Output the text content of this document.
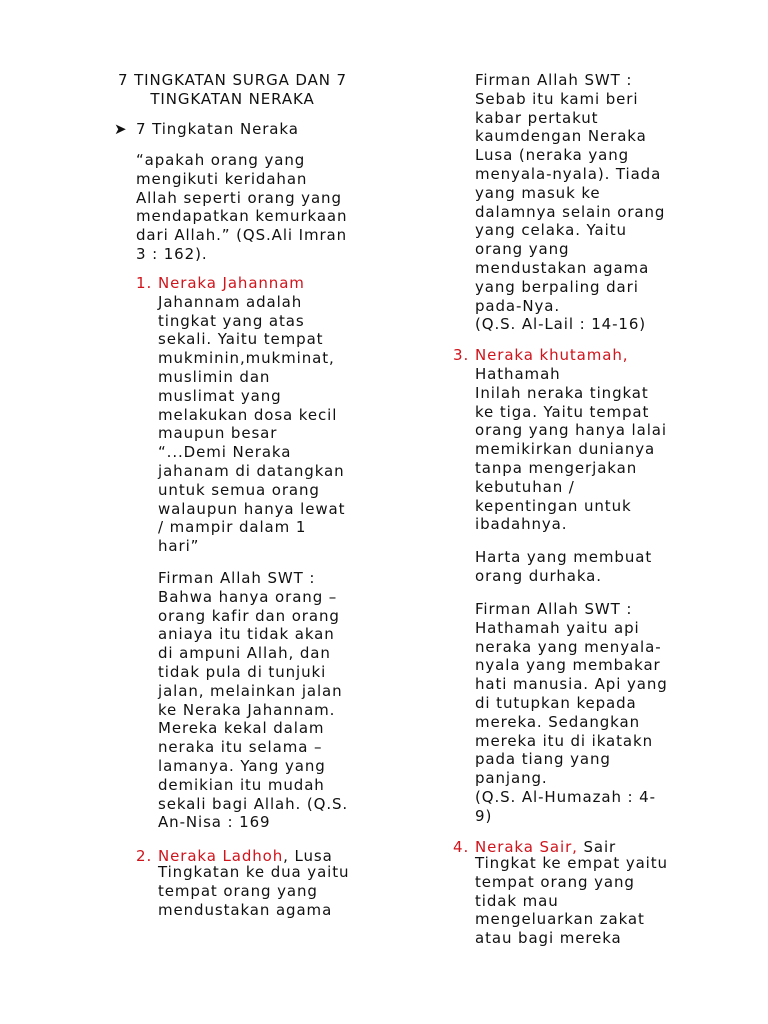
7 TINGKATAN SURGA DAN 7
TINGKATAN NERAKA
➤ 7 Tingkatan Neraka
“apakah orang yang
mengikuti keridahan
Allah seperti orang yang
mendapatkan kemurkaan
dari Allah.” (QS.Ali Imran
3 : 162).
1. Neraka Jahannam
Jahannam adalah
tingkat yang atas
sekali. Yaitu tempat
mukminin,mukminat,
muslimin dan
muslimat yang
melakukan dosa kecil
maupun besar
“...Demi Neraka
jahanam di datangkan
untuk semua orang
walaupun hanya lewat
/ mampir dalam 1
hari”
Firman Allah SWT :
Bahwa hanya orang –
orang kafir dan orang
aniaya itu tidak akan
di ampuni Allah, dan
tidak pula di tunjuki
jalan, melainkan jalan
ke Neraka Jahannam.
Mereka kekal dalam
neraka itu selama –
lamanya. Yang yang
demikian itu mudah
sekali bagi Allah. (Q.S.
An-Nisa : 169
2. Neraka Ladhoh, Lusa
Tingkatan ke dua yaitu
tempat orang yang
mendustakan agama
Firman Allah SWT :
Sebab itu kami beri
kabar pertakut
kaumdengan Neraka
Lusa (neraka yang
menyala-nyala). Tiada
yang masuk ke
dalamnya selain orang
yang celaka. Yaitu
orang yang
mendustakan agama
yang berpaling dari
pada-Nya.
(Q.S. Al-Lail : 14-16)
3. Neraka khutamah,
Hathamah
Inilah neraka tingkat
ke tiga. Yaitu tempat
orang yang hanya lalai
memikirkan dunianya
tanpa mengerjakan
kebutuhan /
kepentingan untuk
ibadahnya.
Harta yang membuat
orang durhaka.
Firman Allah SWT :
Hathamah yaitu api
neraka yang menyala-
nyala yang membakar
hati manusia. Api yang
di tutupkan kepada
mereka. Sedangkan
mereka itu di ikatakn
pada tiang yang
panjang.
(Q.S. Al-Humazah : 4-
9)
4. Neraka Sair, Sair
Tingkat ke empat yaitu
tempat orang yang
tidak mau
mengeluarkan zakat
atau bagi mereka
